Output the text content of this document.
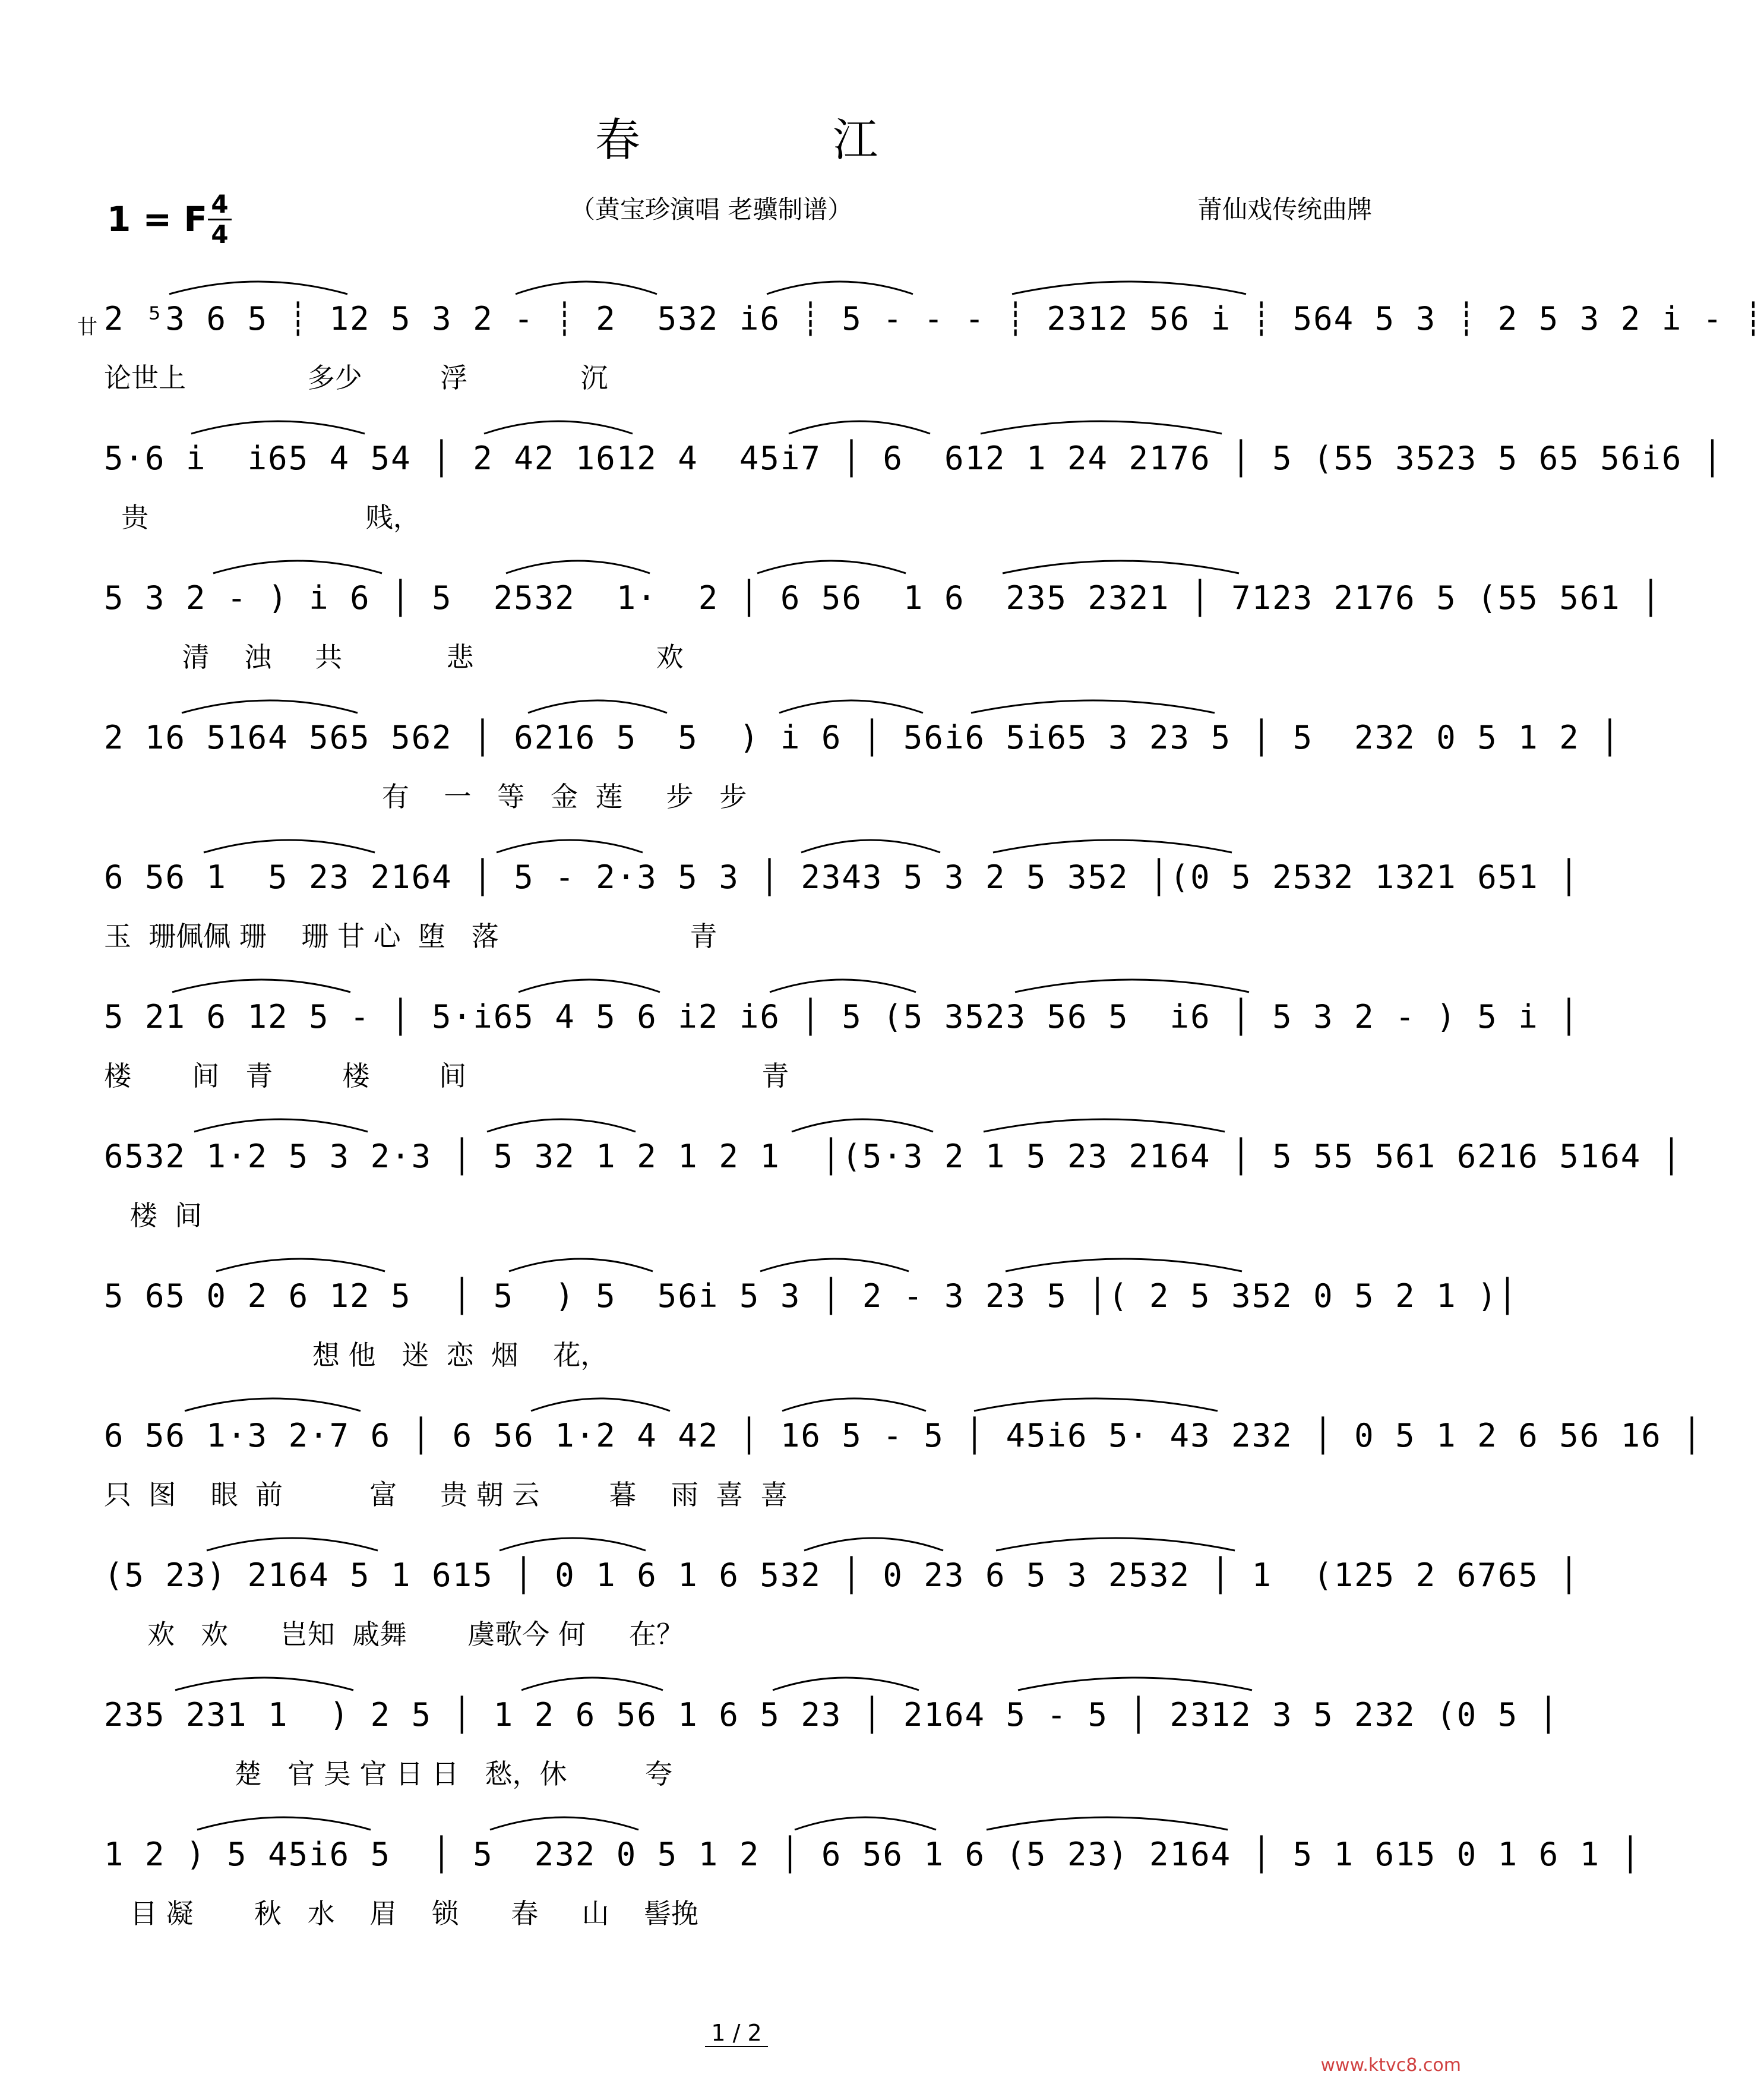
春 江
1 = F 4
4
（黄宝珍演唱 老骥制谱）	莆仙戏传统曲牌
廿 2 ⁵3 6 5 ┊ 12 5 3 2 - ┊ 2  532 i6 ┊ 5 - - - ┊ 2312 56 i ┊ 564 5 3 ┊ 2 5 3 2 i - ┊
论世上              多少         浮             沉
5·6 i  i65 4 54 │ 2 42 1612 4  45i7 │ 6  612 1 24 2176 │ 5 (55 3523 5 65 56i6 │
贵                         贱，
5 3 2 - ) i 6 │ 5  2532  1·  2 │ 6 56  1 6  235 2321 │ 7123 2176 5 (55 561 │
清    浊     共            悲                     欢
2 16 5164 565 562 │ 6216 5  5  ) i 6 │ 56i6 5i65 3 23 5 │ 5  232 0 5 1 2 │
有    一   等   金  莲     步   步
6 56 1  5 23 2164 │ 5 - 2·3 5 3 │ 2343 5 3 2 5 352 │(0 5 2532 1321 651 │
玉  珊佩佩 珊    珊 甘 心  堕   落                      青
5 21 6 12 5 - │ 5·i65 4 5 6 i2 i6 │ 5 (5 3523 56 5  i6 │ 5 3 2 - ) 5 i │
楼       间   青        楼        间                                  青
6532 1·2 5 3 2·3 │ 5 32 1 2 1 2 1  │(5·3 2 1 5 23 2164 │ 5 55 561 6216 5164 │
楼  间
5 65 0 2 6 12 5  │ 5  ) 5  56i 5 3 │ 2 - 3 23 5 │( 2 5 352 0 5 2 1 )│
想 他   迷  恋  烟    花，
6 56 1·3 2·7 6 │ 6 56 1·2 4 42 │ 16 5 - 5 │ 45i6 5· 43 232 │ 0 5 1 2 6 56 16 │
只  图    眼  前          富     贵 朝 云        暮    雨  喜  喜
(5 23) 2164 5 1 615 │ 0 1 6 1 6 532 │ 0 23 6 5 3 2532 │ 1  (125 2 6765 │
欢   欢      岂知  戚舞       虞歌今 何     在？
235 231 1  ) 2 5 │ 1 2 6 56 1 6 5 23 │ 2164 5 - 5 │ 2312 3 5 232 (0 5 │
楚   官 吴 官 日 日   愁，休         夸
1 2 ) 5 45i6 5  │ 5  232 0 5 1 2 │ 6 56 1 6 (5 23) 2164 │ 5 1 615 0 1 6 1 │
目 凝       秋   水    眉    锁      春     山    髻挽
1 / 2
www.ktvc8.com
